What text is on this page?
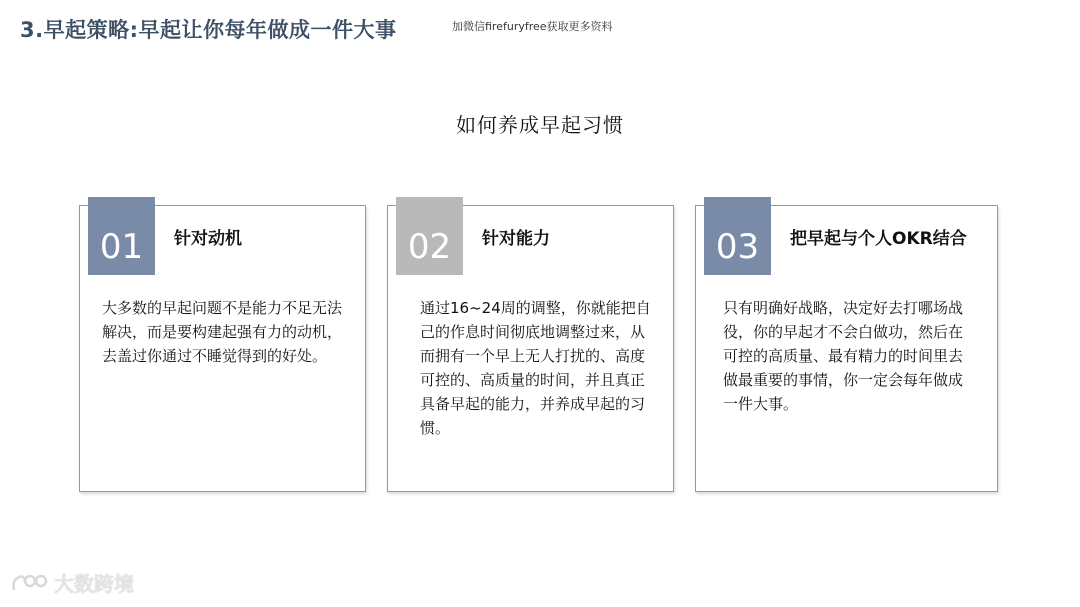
3.早起策略:早起让你每年做成一件大事	加微信firefuryfree获取更多资料
如何养成早起习惯
01	针对动机
大多数的早起问题不是能力不足无法解决，而是要构建起强有力的动机，去盖过你通过不睡觉得到的好处。
02	针对能力
通过16~24周的调整，你就能把自己的作息时间彻底地调整过来，从而拥有一个早上无人打扰的、高度可控的、高质量的时间，并且真正具备早起的能力，并养成早起的习惯。
03	把早起与个人OKR结合
只有明确好战略，决定好去打哪场战役，你的早起才不会白做功，然后在可控的高质量、最有精力的时间里去做最重要的事情，你一定会每年做成一件大事。
大数跨境
